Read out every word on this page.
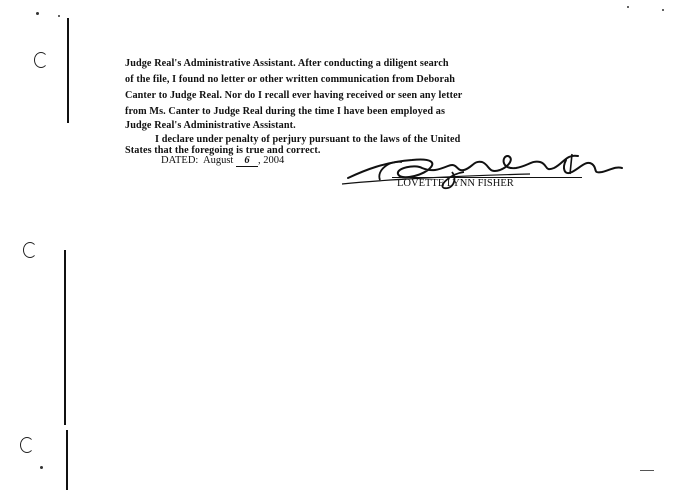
Judge Real's Administrative Assistant. After conducting a diligent search
of the file, I found no letter or other written communication from Deborah
Canter to Judge Real. Nor do I recall ever having received or seen any letter
from Ms. Canter to Judge Real during the time I have been employed as
Judge Real's Administrative Assistant.
I declare under penalty of perjury pursuant to the laws of the United
States that the foregoing is true and correct.
DATED: August 6 , 2004
LOVETTE LYNN FISHER
